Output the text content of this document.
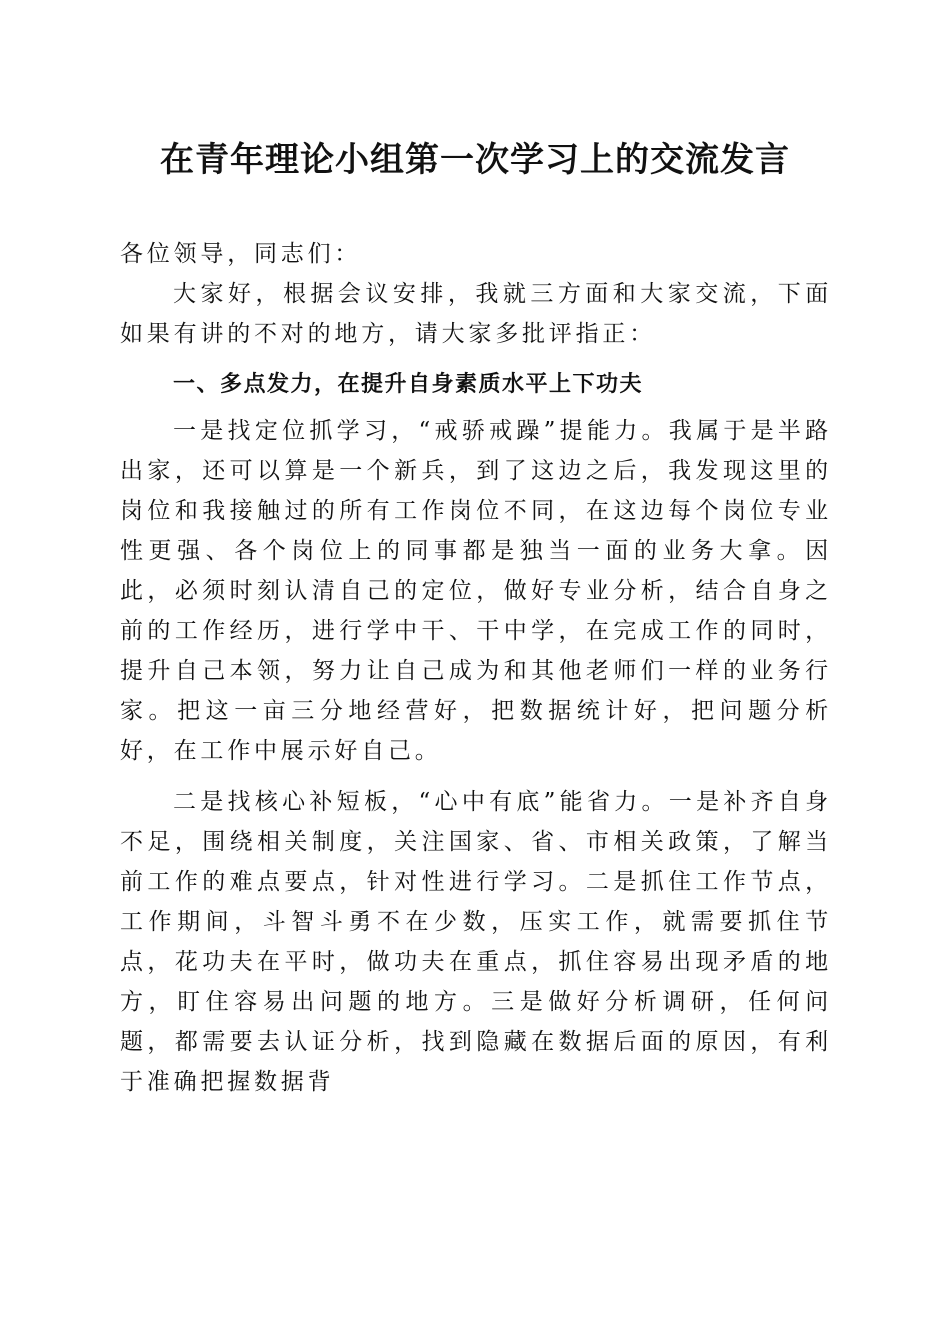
在青年理论小组第一次学习上的交流发言

各位领导，同志们：

大家好，根据会议安排，我就三方面和大家交流，下面如果有讲的不对的地方，请大家多批评指正：

一、多点发力，在提升自身素质水平上下功夫

一是找定位抓学习，“戒骄戒躁”提能力。我属于是半路出家，还可以算是一个新兵，到了这边之后，我发现这里的岗位和我接触过的所有工作岗位不同，在这边每个岗位专业性更强、各个岗位上的同事都是独当一面的业务大拿。因此，必须时刻认清自己的定位，做好专业分析，结合自身之前的工作经历，进行学中干、干中学，在完成工作的同时，提升自己本领，努力让自己成为和其他老师们一样的业务行家。把这一亩三分地经营好，把数据统计好，把问题分析好，在工作中展示好自己。

二是找核心补短板，“心中有底”能省力。一是补齐自身不足，围绕相关制度，关注国家、省、市相关政策，了解当前工作的难点要点，针对性进行学习。二是抓住工作节点，工作期间，斗智斗勇不在少数，压实工作，就需要抓住节点，花功夫在平时，做功夫在重点，抓住容易出现矛盾的地方，盯住容易出问题的地方。三是做好分析调研，任何问题，都需要去认证分析，找到隐藏在数据后面的原因，有利于准确把握数据背
